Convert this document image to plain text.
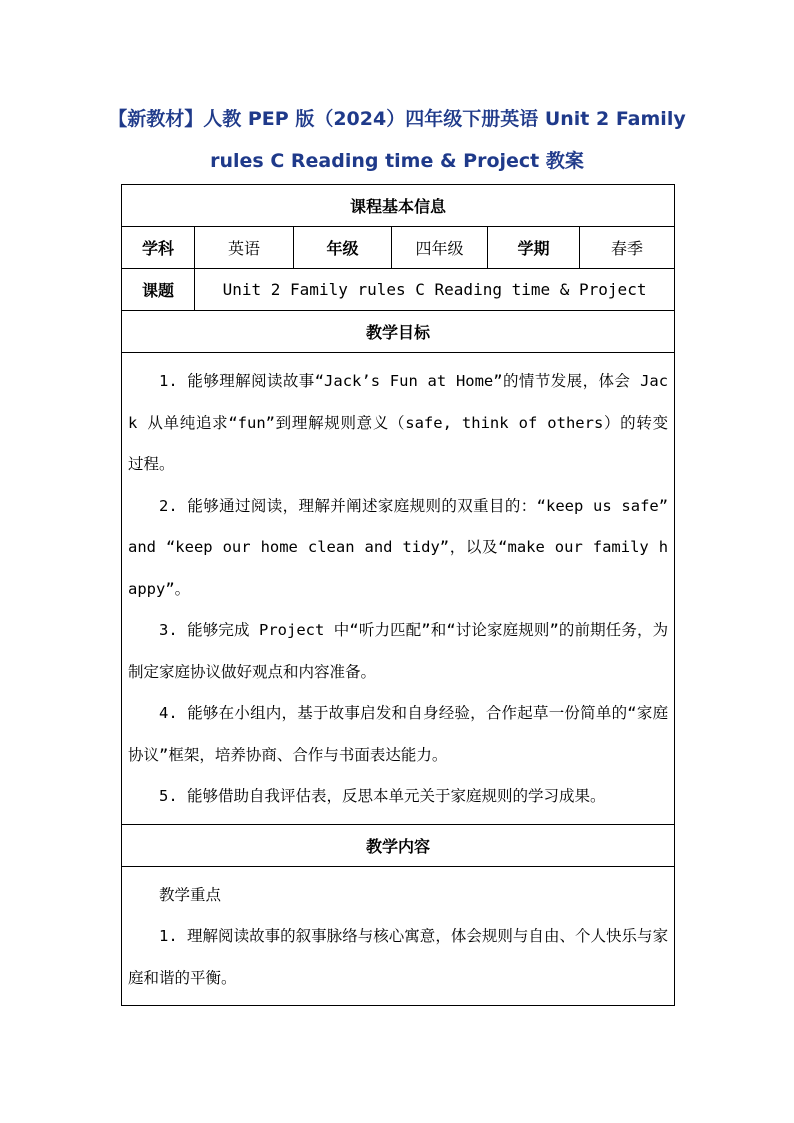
【新教材】人教 PEP 版（2024）四年级下册英语 Unit 2 Family
rules C Reading time & Project 教案
课程基本信息					
学科	英语	年级	四年级	学期	春季
课题	Unit 2 Family rules C Reading time & Project				
教学目标					

1. 能够理解阅读故事“Jack’s Fun at Home”的情节发展，体会 Jack 从单纯追求“fun”到理解规则意义（safe, think of others）的转变过程。

2. 能够通过阅读，理解并阐述家庭规则的双重目的：“keep us safe” and “keep our home clean and tidy”，以及“make our family happy”。

3. 能够完成 Project 中“听力匹配”和“讨论家庭规则”的前期任务，为制定家庭协议做好观点和内容准备。

4. 能够在小组内，基于故事启发和自身经验，合作起草一份简单的“家庭协议”框架，培养协商、合作与书面表达能力。

5. 能够借助自我评估表，反思本单元关于家庭规则的学习成果。					

教学内容					

教学重点

1. 理解阅读故事的叙事脉络与核心寓意，体会规则与自由、个人快乐与家庭和谐的平衡。					
